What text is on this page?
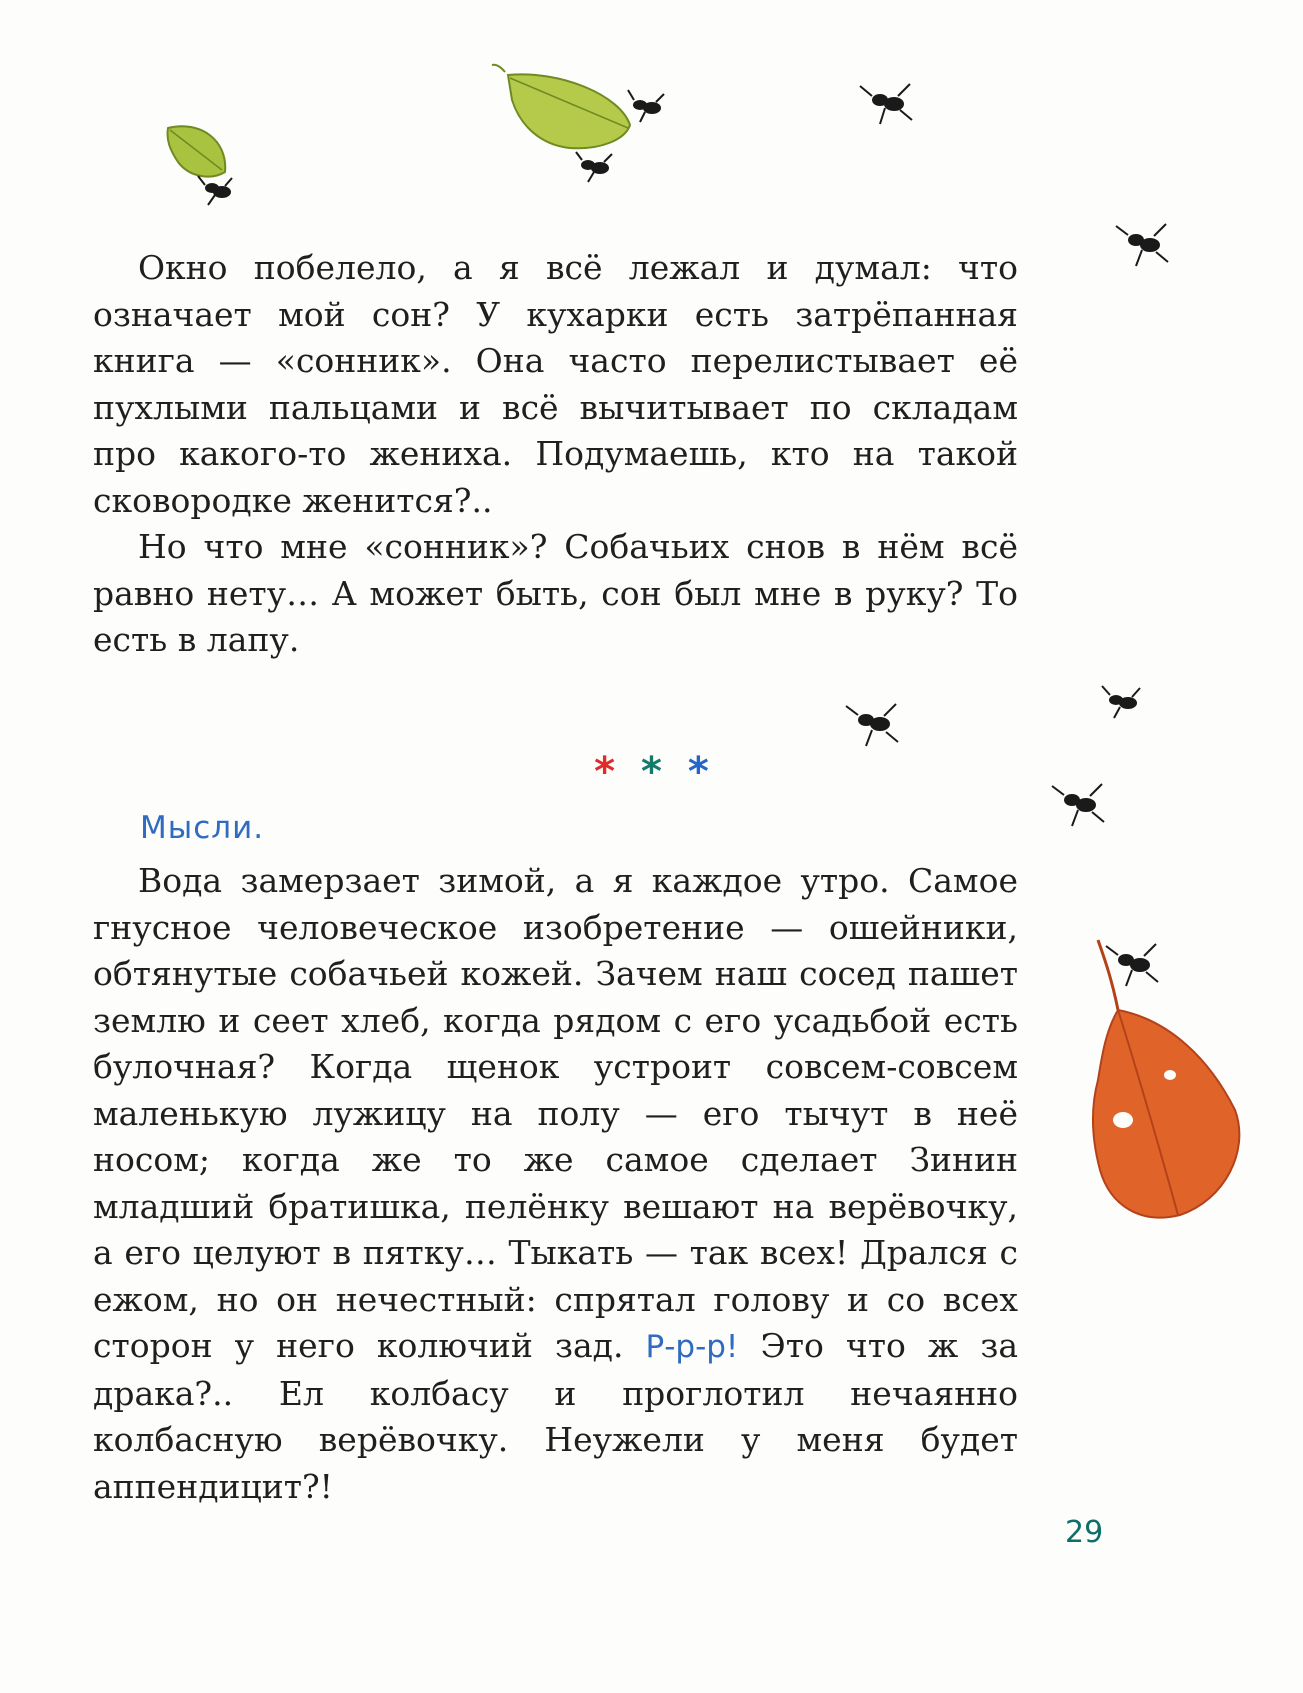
Окно побелело, а я всё лежал и думал: что означает мой сон? У кухарки есть затрёпанная книга — «сонник». Она часто перелистывает её пухлыми пальцами и всё вычитывает по складам про какого-то жениха. Подумаешь, кто на такой сковородке женится?..

Но что мне «сонник»? Собачьих снов в нём всё равно нету… А может быть, сон был мне в руку? То есть в лапу.

* * *
Мысли.

Вода замерзает зимой, а я каждое утро. Самое гнусное человеческое изобретение — ошейники, обтянутые собачьей кожей. Зачем наш сосед пашет землю и сеет хлеб, когда рядом с его усадьбой есть булочная? Когда щенок устроит совсем-совсем маленькую лужицу на полу — его тычут в неё носом; когда же то же самое сделает Зинин младший братишка, пелёнку вешают на верёвочку, а его целуют в пятку… Тыкать — так всех! Дрался с ежом, но он нечестный: спрятал голову и со всех сторон у него колючий зад. Р-р-р! Это что ж за драка?.. Ел колбасу и проглотил нечаянно колбасную верёвочку. Неужели у меня будет аппендицит?!

29
